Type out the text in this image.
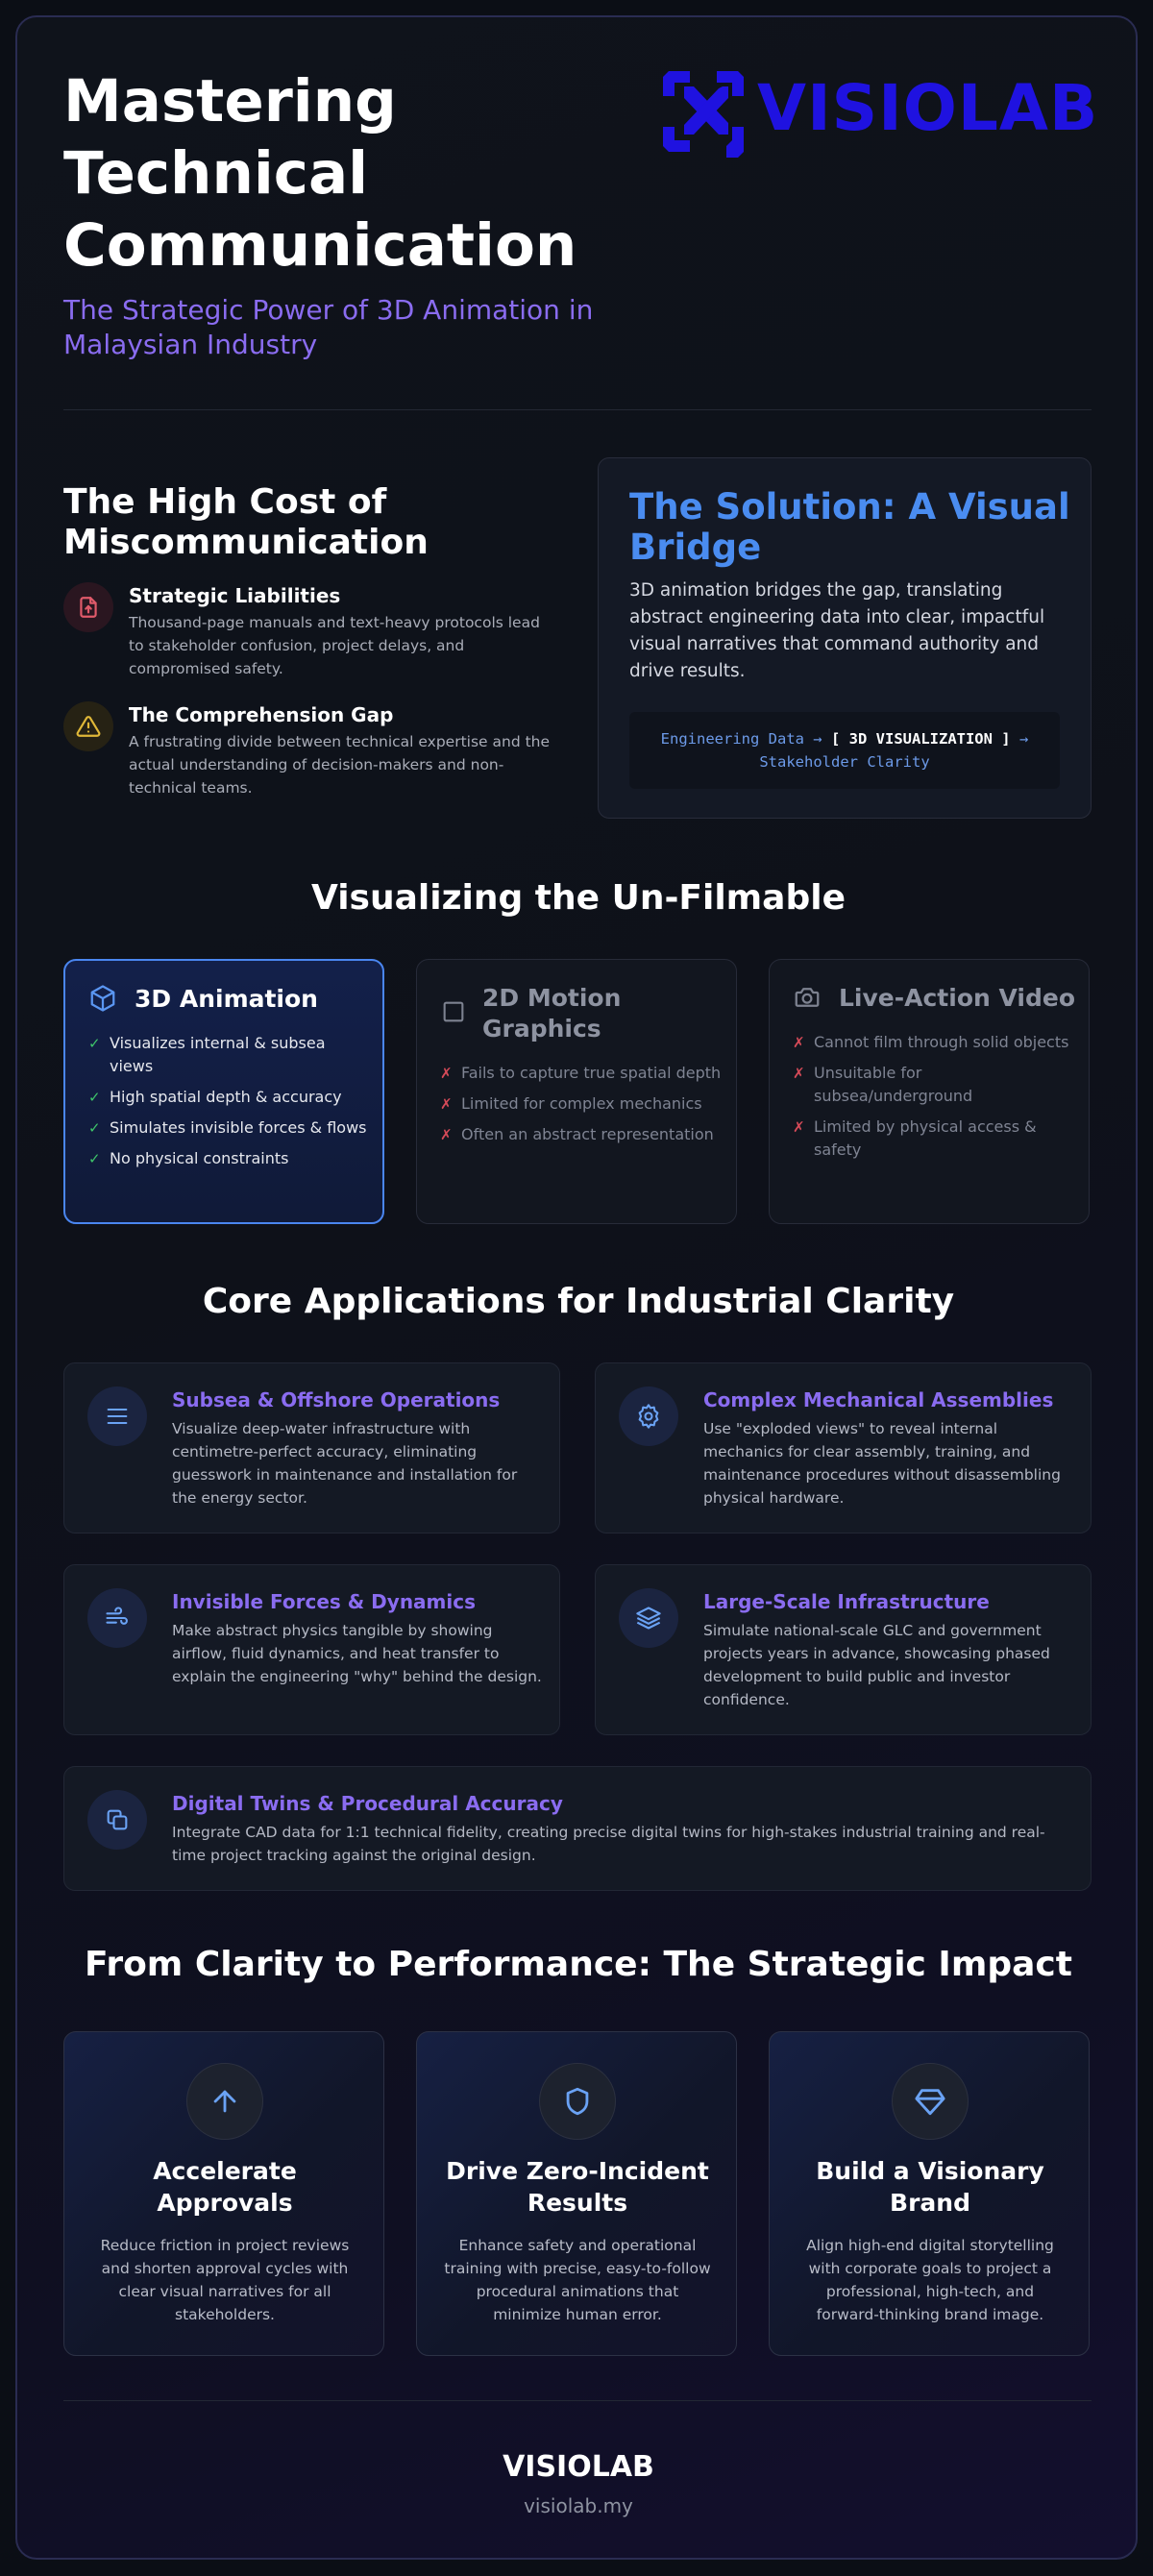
Mastering Technical Communication
The Strategic Power of 3D Animation in Malaysian Industry
VISIOLAB
The High Cost of Miscommunication
Strategic Liabilities
Thousand-page manuals and text-heavy protocols lead to stakeholder confusion, project delays, and compromised safety.
The Comprehension Gap
A frustrating divide between technical expertise and the actual understanding of decision-makers and non-technical teams.
The Solution: A Visual Bridge
3D animation bridges the gap, translating abstract engineering data into clear, impactful visual narratives that command authority and drive results.
Engineering Data → [ 3D VISUALIZATION ] →
Stakeholder Clarity
Visualizing the Un-Filmable
3D Animation
✓ Visualizes internal & subsea views
✓ High spatial depth & accuracy
✓ Simulates invisible forces & flows
✓ No physical constraints
2D Motion Graphics
✗ Fails to capture true spatial depth
✗ Limited for complex mechanics
✗ Often an abstract representation
Live-Action Video
✗ Cannot film through solid objects
✗ Unsuitable for subsea/underground
✗ Limited by physical access & safety
Core Applications for Industrial Clarity
Subsea & Offshore Operations
Visualize deep-water infrastructure with centimetre-perfect accuracy, eliminating guesswork in maintenance and installation for the energy sector.
Complex Mechanical Assemblies
Use "exploded views" to reveal internal mechanics for clear assembly, training, and maintenance procedures without disassembling physical hardware.
Invisible Forces & Dynamics
Make abstract physics tangible by showing airflow, fluid dynamics, and heat transfer to explain the engineering "why" behind the design.
Large-Scale Infrastructure
Simulate national-scale GLC and government projects years in advance, showcasing phased development to build public and investor confidence.
Digital Twins & Procedural Accuracy
Integrate CAD data for 1:1 technical fidelity, creating precise digital twins for high-stakes industrial training and real-time project tracking against the original design.
From Clarity to Performance: The Strategic Impact
Accelerate Approvals
Reduce friction in project reviews and shorten approval cycles with clear visual narratives for all stakeholders.
Drive Zero-Incident Results
Enhance safety and operational training with precise, easy-to-follow procedural animations that minimize human error.
Build a Visionary Brand
Align high-end digital storytelling with corporate goals to project a professional, high-tech, and forward-thinking brand image.
VISIOLAB
visiolab.my
